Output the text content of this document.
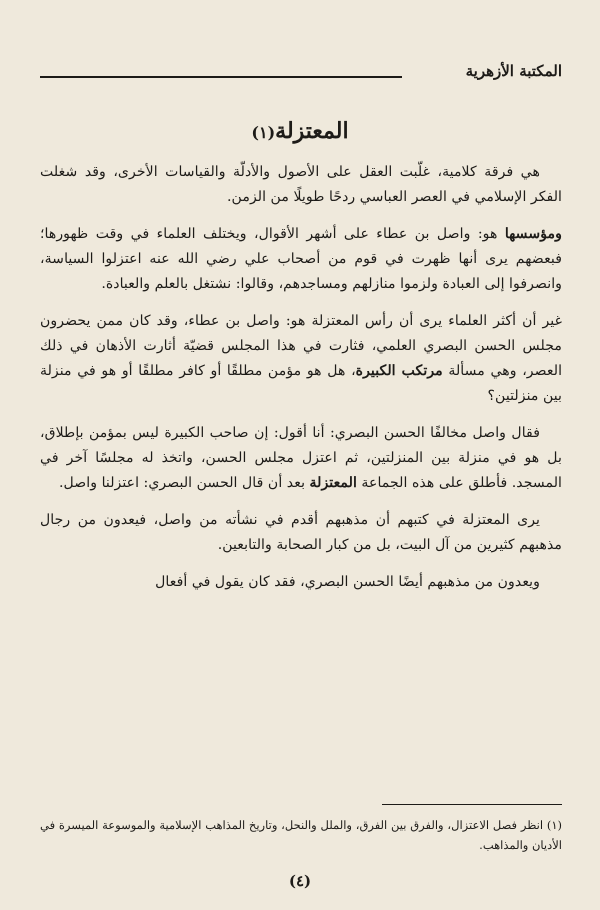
المكتبة الأزهرية
المعتزلة(١)

هي فرقة كلامية، غلّبت العقل على الأصول والأدلّة والقياسات الأخرى، وقد شغلت الفكر الإسلامي في العصر العباسي ردحًا طويلًا من الزمن.

ومؤسسها هو: واصل بن عطاء على أشهر الأقوال، ويختلف العلماء في وقت ظهورها؛ فبعضهم يرى أنها ظهرت في قوم من أصحاب علي رضي الله عنه اعتزلوا السياسة، وانصرفوا إلى العبادة ولزموا منازلهم ومساجدهم، وقالوا: نشتغل بالعلم والعبادة.

غير أن أكثر العلماء يرى أن رأس المعتزلة هو: واصل بن عطاء، وقد كان ممن يحضرون مجلس الحسن البصري العلمي، فثارت في هذا المجلس قضيّة أثارت الأذهان في ذلك العصر، وهي مسألة مرتكب الكبيرة، هل هو مؤمن مطلقًا أو كافر مطلقًا أو هو في منزلة بين منزلتين؟

فقال واصل مخالفًا الحسن البصري: أنا أقول: إن صاحب الكبيرة ليس بمؤمن بإطلاق، بل هو في منزلة بين المنزلتين، ثم اعتزل مجلس الحسن، واتخذ له مجلسًا آخر في المسجد. فأطلق على هذه الجماعة المعتزلة بعد أن قال الحسن البصري: اعتزلنا واصل.

يرى المعتزلة في كتبهم أن مذهبهم أقدم في نشأته من واصل، فيعدون من رجال مذهبهم كثيرين من آل البيت، بل من كبار الصحابة والتابعين.

ويعدون من مذهبهم أيضًا الحسن البصري، فقد كان يقول في أفعال

(١) انظر فصل الاعتزال، والفرق بين الفرق، والملل والنحل، وتاريخ المذاهب الإسلامية والموسوعة الميسرة في الأديان والمذاهب.
(٤)
